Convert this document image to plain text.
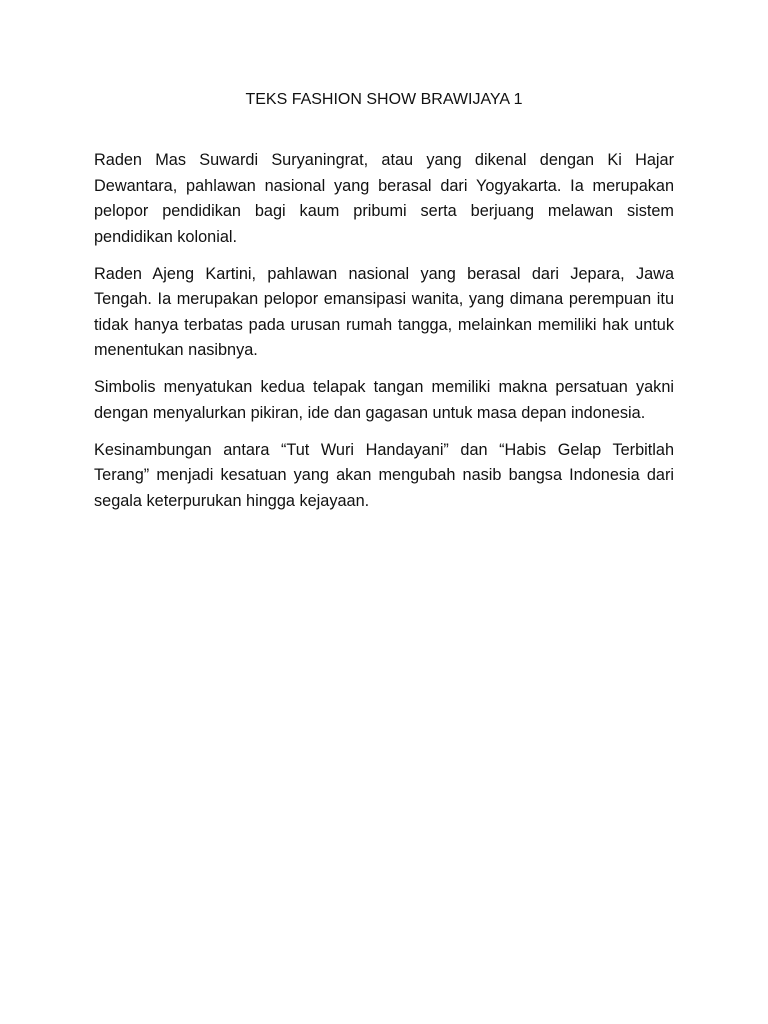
TEKS FASHION SHOW BRAWIJAYA 1

Raden Mas Suwardi Suryaningrat, atau yang dikenal dengan Ki Hajar Dewantara, pahlawan nasional yang berasal dari Yogyakarta. Ia merupakan pelopor pendidikan bagi kaum pribumi serta berjuang melawan sistem pendidikan kolonial.

Raden Ajeng Kartini, pahlawan nasional yang berasal dari Jepara, Jawa Tengah. Ia merupakan pelopor emansipasi wanita, yang dimana perempuan itu tidak hanya terbatas pada urusan rumah tangga, melainkan memiliki hak untuk menentukan nasibnya.

Simbolis menyatukan kedua telapak tangan memiliki makna persatuan yakni dengan menyalurkan pikiran, ide dan gagasan untuk masa depan indonesia.

Kesinambungan antara “Tut Wuri Handayani” dan “Habis Gelap Terbitlah Terang” menjadi kesatuan yang akan mengubah nasib bangsa Indonesia dari segala keterpurukan hingga kejayaan.
